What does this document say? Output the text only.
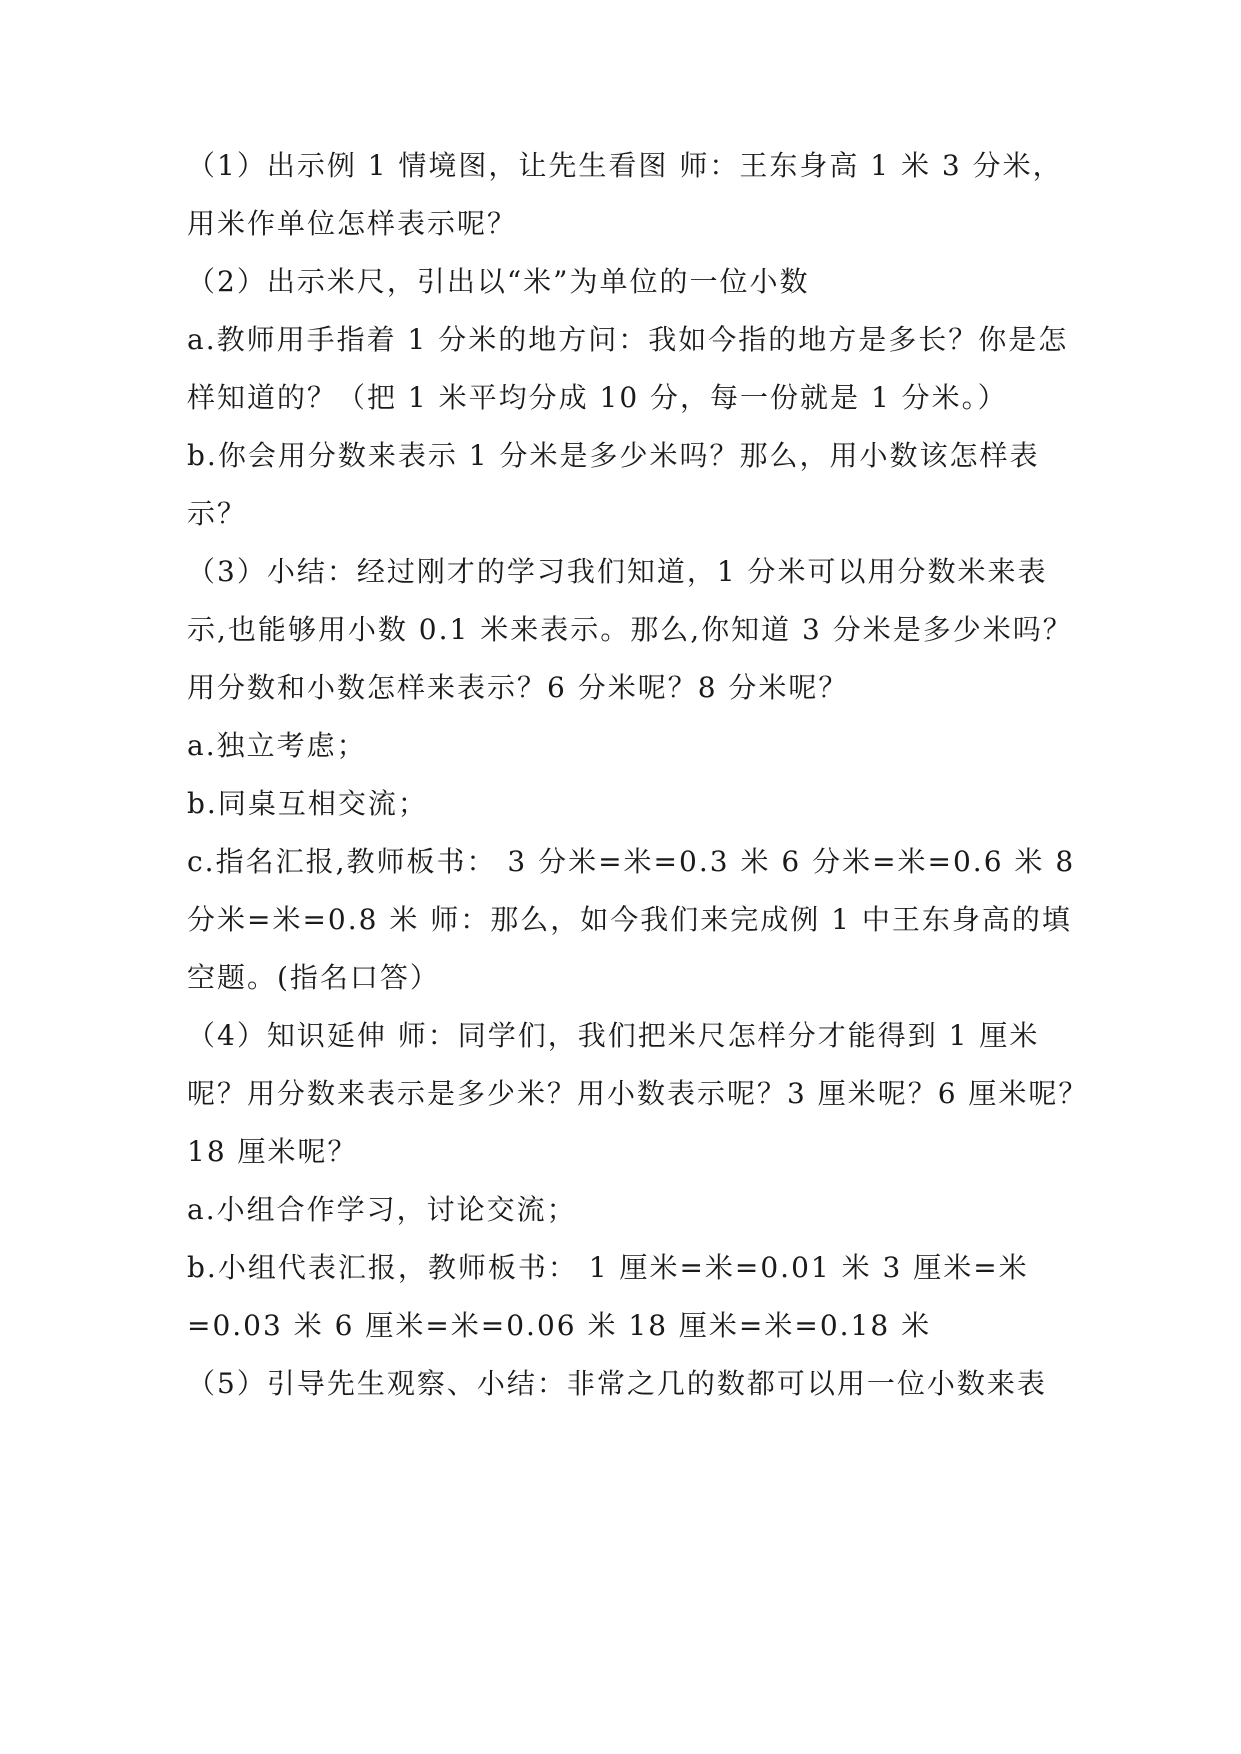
（1）出示例 1 情境图，让先生看图 师：王东身高 1 米 3 分米，
用米作单位怎样表示呢？
（2）出示米尺，引出以“米”为单位的一位小数
a.教师用手指着 1 分米的地方问：我如今指的地方是多长？你是怎
样知道的？（把 1 米平均分成 10 分，每一份就是 1 分米。）
b.你会用分数来表示 1 分米是多少米吗？那么，用小数该怎样表
示？
（3）小结：经过刚才的学习我们知道，1 分米可以用分数米来表
示,也能够用小数 0.1 米来表示。那么,你知道 3 分米是多少米吗？
用分数和小数怎样来表示？6 分米呢？8 分米呢？
a.独立考虑；
b.同桌互相交流；
c.指名汇报,教师板书： 3 分米=米=0.3 米 6 分米=米=0.6 米 8
分米=米=0.8 米 师：那么，如今我们来完成例 1 中王东身高的填
空题。(指名口答）
（4）知识延伸 师：同学们，我们把米尺怎样分才能得到 1 厘米
呢？用分数来表示是多少米？用小数表示呢？3 厘米呢？6 厘米呢？
18 厘米呢？
a.小组合作学习，讨论交流；
b.小组代表汇报，教师板书： 1 厘米=米=0.01 米 3 厘米=米
=0.03 米 6 厘米=米=0.06 米 18 厘米=米=0.18 米
（5）引导先生观察、小结：非常之几的数都可以用一位小数来表
